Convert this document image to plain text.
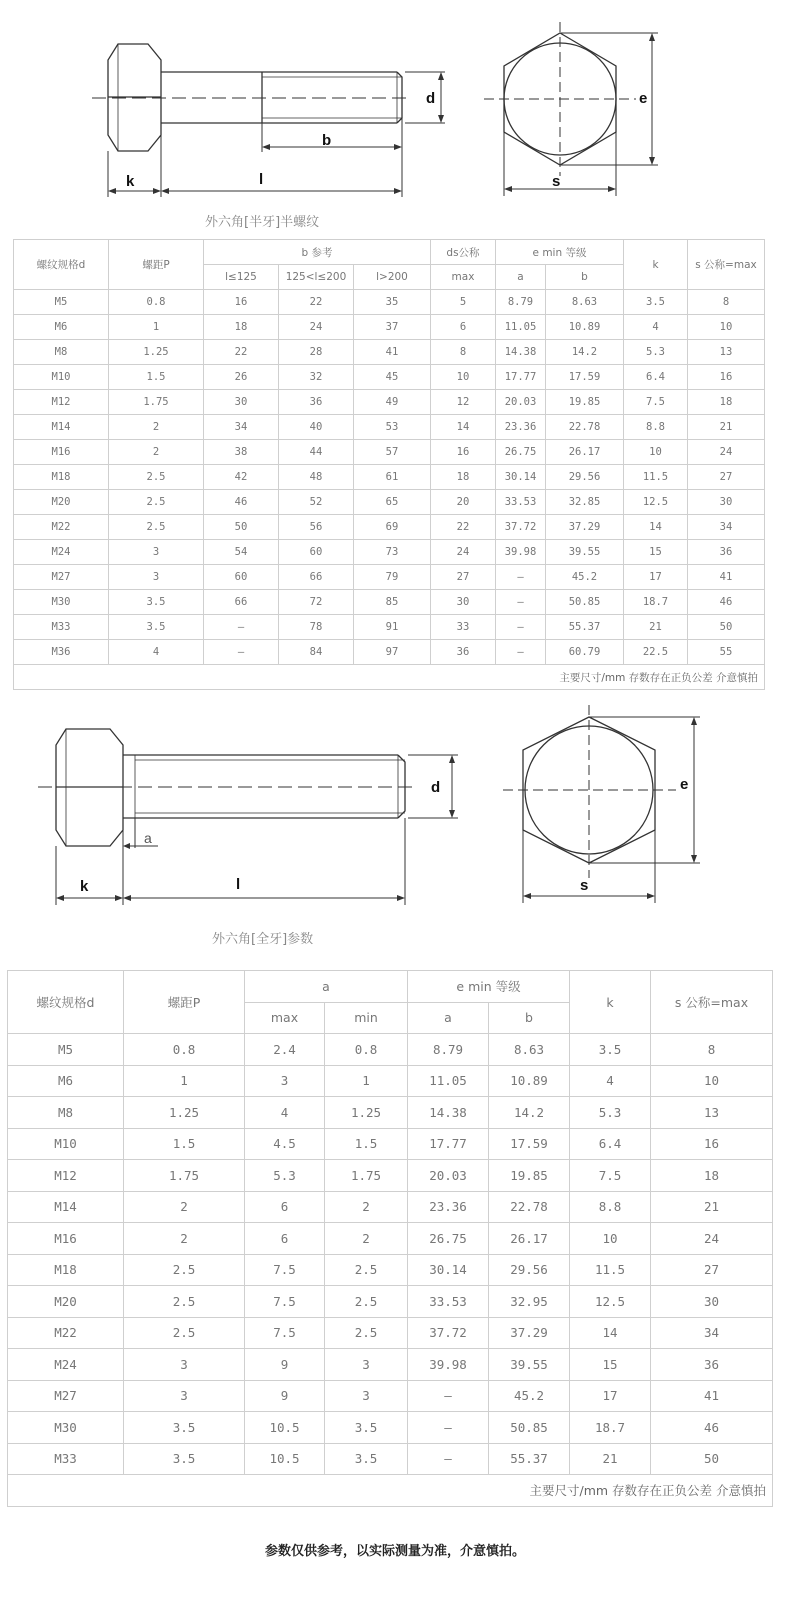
d
b
k	l
e
s
外六角[半牙]半螺纹
螺纹规格d	螺距P	b 参考			ds公称	e min 等级		k	s 公称=max
		l≤125	125<l≤200	l>200	max	a	b		
M5	0.8	16	22	35	5	8.79	8.63	3.5	8
M6	1	18	24	37	6	11.05	10.89	4	10
M8	1.25	22	28	41	8	14.38	14.2	5.3	13
M10	1.5	26	32	45	10	17.77	17.59	6.4	16
M12	1.75	30	36	49	12	20.03	19.85	7.5	18
M14	2	34	40	53	14	23.36	22.78	8.8	21
M16	2	38	44	57	16	26.75	26.17	10	24
M18	2.5	42	48	61	18	30.14	29.56	11.5	27
M20	2.5	46	52	65	20	33.53	32.85	12.5	30
M22	2.5	50	56	69	22	37.72	37.29	14	34
M24	3	54	60	73	24	39.98	39.55	15	36
M27	3	60	66	79	27	—	45.2	17	41
M30	3.5	66	72	85	30	—	50.85	18.7	46
M33	3.5	—	78	91	33	—	55.37	21	50
M36	4	—	84	97	36	—	60.79	22.5	55
主要尺寸/mm 存数存在正负公差 介意慎拍									
d
a
k	l
e
s
外六角[全牙]参数
螺纹规格d	螺距P	a		e min 等级		k	s 公称=max
		max	min	a	b		
M5	0.8	2.4	0.8	8.79	8.63	3.5	8
M6	1	3	1	11.05	10.89	4	10
M8	1.25	4	1.25	14.38	14.2	5.3	13
M10	1.5	4.5	1.5	17.77	17.59	6.4	16
M12	1.75	5.3	1.75	20.03	19.85	7.5	18
M14	2	6	2	23.36	22.78	8.8	21
M16	2	6	2	26.75	26.17	10	24
M18	2.5	7.5	2.5	30.14	29.56	11.5	27
M20	2.5	7.5	2.5	33.53	32.95	12.5	30
M22	2.5	7.5	2.5	37.72	37.29	14	34
M24	3	9	3	39.98	39.55	15	36
M27	3	9	3	—	45.2	17	41
M30	3.5	10.5	3.5	—	50.85	18.7	46
M33	3.5	10.5	3.5	—	55.37	21	50
主要尺寸/mm 存数存在正负公差 介意慎拍							
参数仅供参考，以实际测量为准，介意慎拍。
